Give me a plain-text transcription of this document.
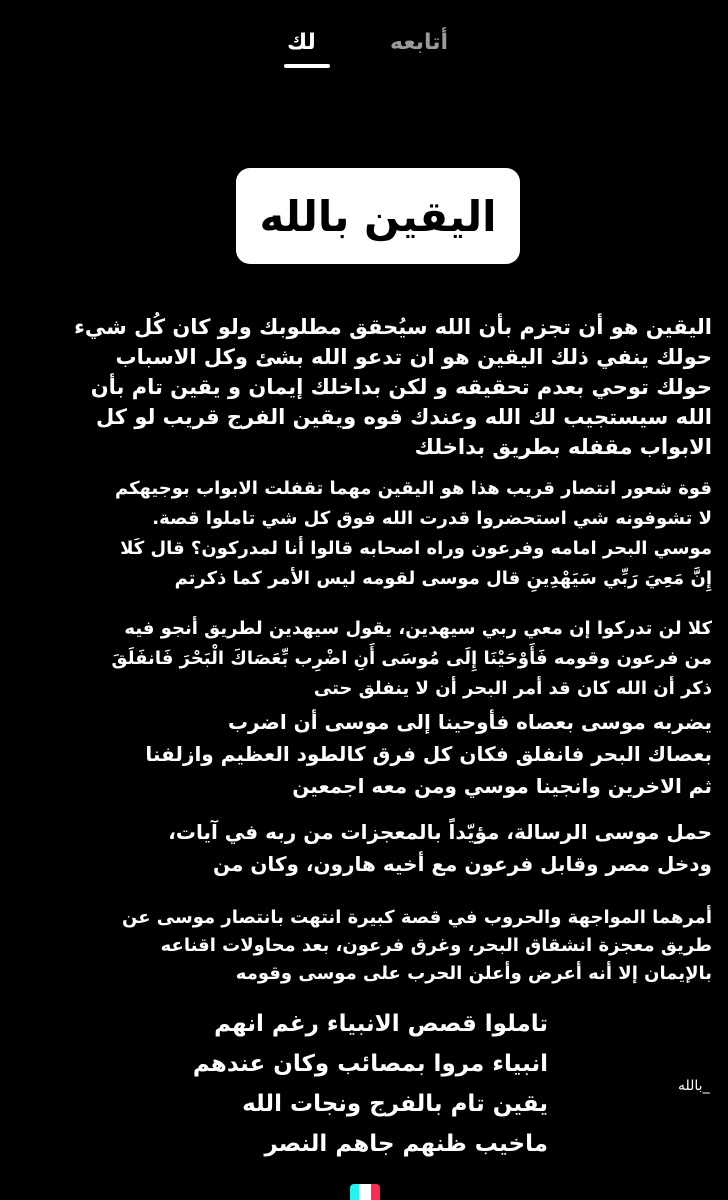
أتابعه
لك
اليقين بالله
اليقين هو أن تجزم بأن الله سيُحقق مطلوبك ولو كان كُل شيء
حولك ينفي ذلك اليقين هو ان تدعو الله بشئ وكل الاسباب
حولك توحي بعدم تحقيقه و لكن بداخلك إيمان و يقين تام بأن
الله سيستجيب لك الله وعندك قوه ويقين الفرج قريب لو كل
الابواب مقفله بطريق بداخلك
قوة شعور انتصار قريب هذا هو اليقين مهما تقفلت الابواب بوجيهكم
لا تشوفونه شي استحضروا قدرت الله فوق كل شي تاملوا قصة.
موسي البحر امامه وفرعون وراه اصحابه قالوا أنا لمدركون؟ قال كَلا
إِنَّ مَعِيَ رَبِّي سَيَهْدِينِ قال موسى لقومه ليس الأمر كما ذكرتم
كلا لن تدركوا إن معي ربي سيهدين، يقول سيهدين لطريق أنجو فيه
من فرعون وقومه فَأَوْحَيْنَا إِلَى مُوسَى أَنِ اضْرِب بِّعَصَاكَ الْبَحْرَ فَانفَلَقَ
ذكر أن الله كان قد أمر البحر أن لا ينفلق حتى
يضربه موسى بعصاه فأوحينا إلى موسى أن اضرب
بعصاك البحر فانفلق فكان كل فرق كالطود العظيم وازلفنا
ثم الاخرين وانجينا موسي ومن معه اجمعين
حمل موسى الرسالة، مؤيّداً بالمعجزات من ربه في آيات،
ودخل مصر وقابل فرعون مع أخيه هارون، وكان من
أمرهما المواجهة والحروب في قصة كبيرة انتهت بانتصار موسى عن
طريق معجزة انشقاق البحر، وغرق فرعون، بعد محاولات اقناعه
بالإيمان إلا أنه أعرض وأعلن الحرب على موسى وقومه
تاملوا قصص الانبياء رغم انهم
انبياء مروا بمصائب وكان عندهم
يقين تام بالفرج ونجات الله
ماخيب ظنهم جاهم النصر
_بالله
